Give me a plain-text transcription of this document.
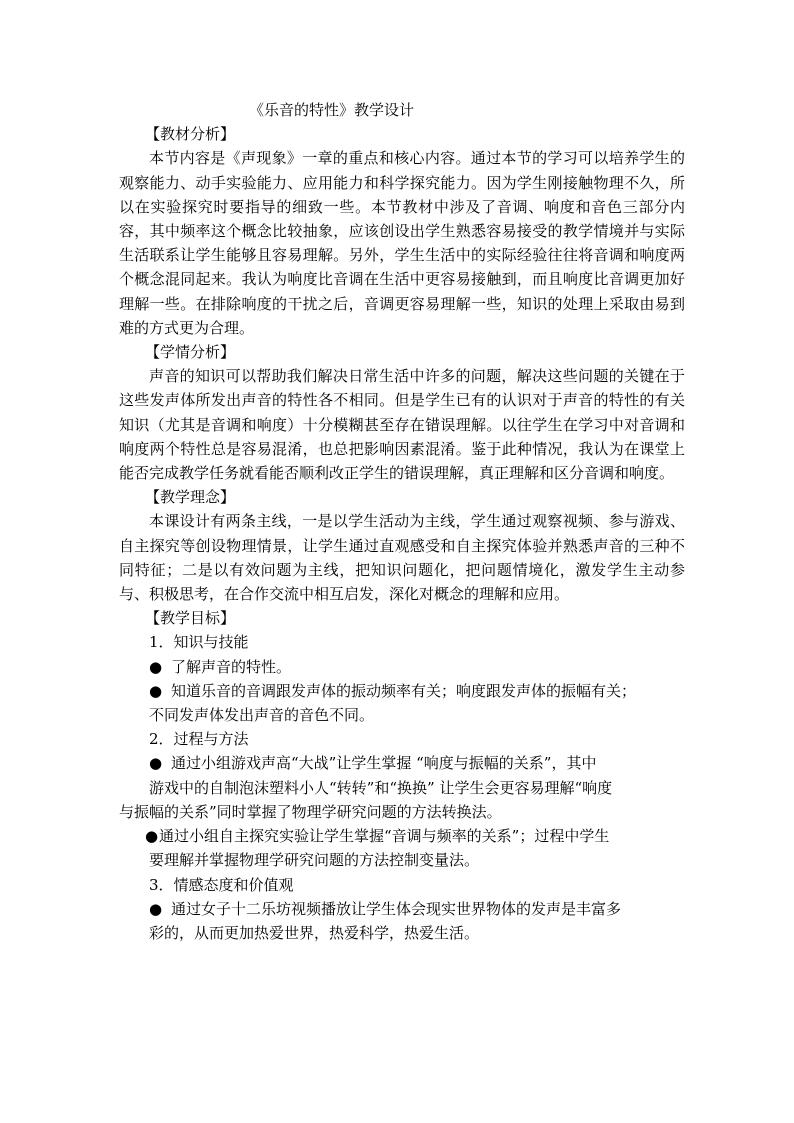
《乐音的特性》教学设计

【教材分析】

本节内容是《声现象》一章的重点和核心内容。通过本节的学习可以培养学生的观察能力、动手实验能力、应用能力和科学探究能力。因为学生刚接触物理不久，所以在实验探究时要指导的细致一些。本节教材中涉及了音调、响度和音色三部分内容，其中频率这个概念比较抽象，应该创设出学生熟悉容易接受的教学情境并与实际生活联系让学生能够且容易理解。另外，学生生活中的实际经验往往将音调和响度两个概念混同起来。我认为响度比音调在生活中更容易接触到，而且响度比音调更加好理解一些。在排除响度的干扰之后，音调更容易理解一些，知识的处理上采取由易到难的方式更为合理。

【学情分析】

声音的知识可以帮助我们解决日常生活中许多的问题，解决这些问题的关键在于这些发声体所发出声音的特性各不相同。但是学生已有的认识对于声音的特性的有关知识（尤其是音调和响度）十分模糊甚至存在错误理解。以往学生在学习中对音调和响度两个特性总是容易混淆，也总把影响因素混淆。鉴于此种情况，我认为在课堂上能否完成教学任务就看能否顺利改正学生的错误理解，真正理解和区分音调和响度。

【教学理念】

本课设计有两条主线，一是以学生活动为主线，学生通过观察视频、参与游戏、自主探究等创设物理情景，让学生通过直观感受和自主探究体验并熟悉声音的三种不同特征；二是以有效问题为主线，把知识问题化，把问题情境化，激发学生主动参与、积极思考，在合作交流中相互启发，深化对概念的理解和应用。

【教学目标】

1．知识与技能

● 了解声音的特性。

● 知道乐音的音调跟发声体的振动频率有关；响度跟发声体的振幅有关；

不同发声体发出声音的音色不同。

2．过程与方法

● 通过小组游戏声高“大战”让学生掌握 “响度与振幅的关系”，其中

游戏中的自制泡沫塑料小人“转转”和“换换” 让学生会更容易理解“响度

与振幅的关系”同时掌握了物理学研究问题的方法转换法。

●通过小组自主探究实验让学生掌握“音调与频率的关系”；过程中学生

要理解并掌握物理学研究问题的方法控制变量法。

3．情感态度和价值观

● 通过女子十二乐坊视频播放让学生体会现实世界物体的发声是丰富多

彩的，从而更加热爱世界，热爱科学，热爱生活。
